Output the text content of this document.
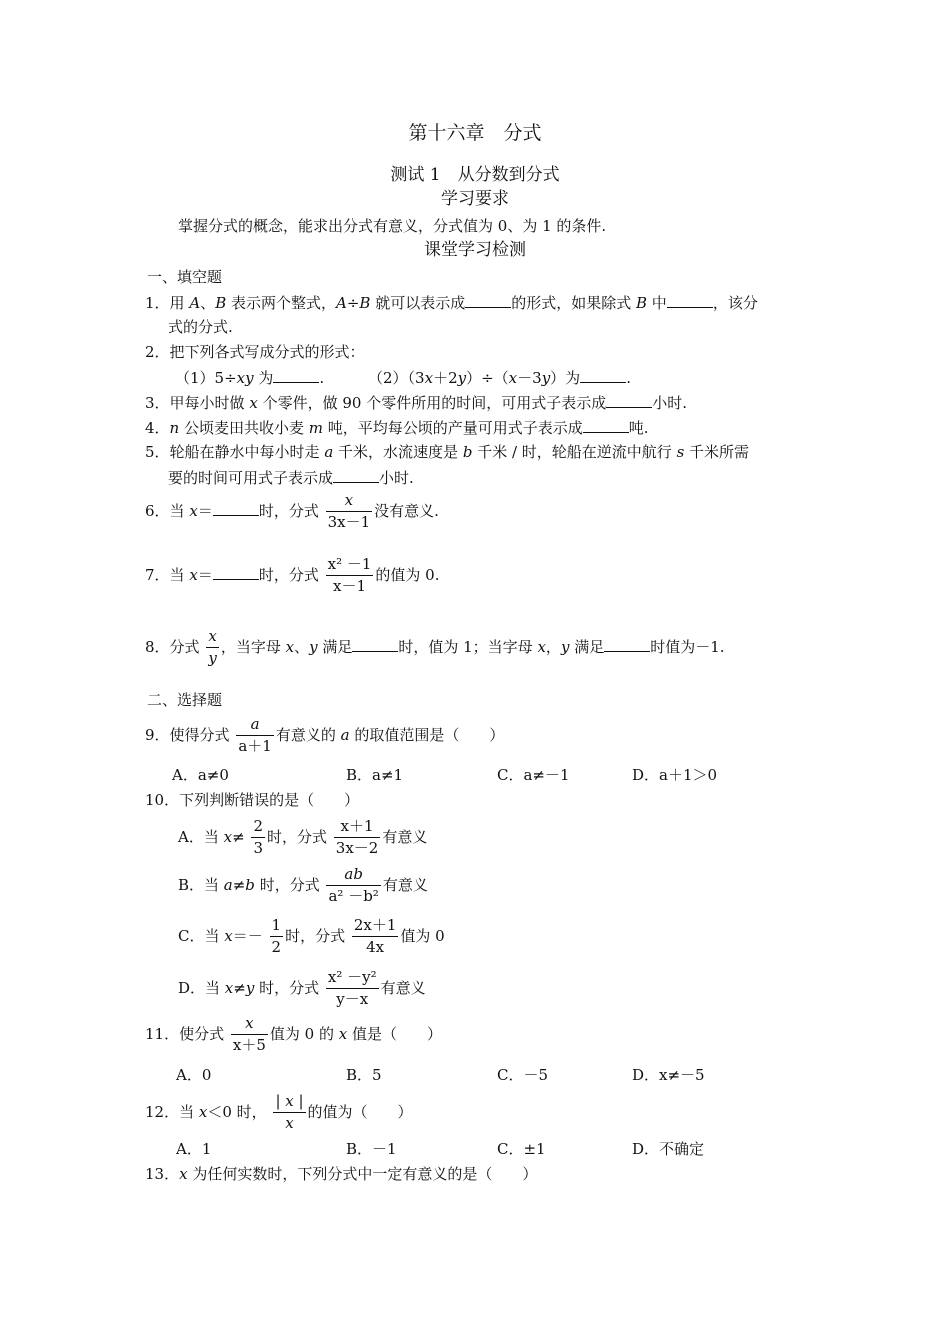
第十六章　分式
测试 1　从分数到分式
学习要求
掌握分式的概念，能求出分式有意义，分式值为 0、为 1 的条件.
课堂学习检测
一、填空题
1．用 A、B 表示两个整式，A÷B 就可以表示成	的形式，如果除式 B 中	，该分
式的分式.
2．把下列各式写成分式的形式：
（1）5÷xy 为	.	（2）（3x＋2y）÷（x－3y）为	.
3．甲每小时做 x 个零件，做 90 个零件所用的时间，可用式子表示成	小时.
4．n 公顷麦田共收小麦 m 吨，平均每公顷的产量可用式子表示成	吨.
5．轮船在静水中每小时走 a 千米，水流速度是 b 千米 / 时，轮船在逆流中航行 s 千米所需
要的时间可用式子表示成	小时.
6．当 x＝	时，分式 $\frac{x}{3x-1}$ 没有意义.
7．当 x＝	时，分式 $\frac{\text{x² －1}}{x-1}$ 的值为 0.
8．分式 $\frac{x}{y}$ ，当字母 x、y 满足	时，值为 1；当字母 x，y 满足	时值为－1.
二、选择题
9．使得分式 $\frac{a}{a+1}$ 有意义的 a 的取值范围是（　　）
A．a≠0	B．a≠1	C．a≠－1	D．a＋1＞0
10．下列判断错误的是（　　）
A．当 $x\ne \frac{2}{3}$ 时，分式 $\frac{x+1}{3x-2}$ 有意义
B．当 a≠b 时，分式 $\frac{ab}{\text{a² －b²}}$ 有意义
C．当 $x=- \frac{1}{2}$ 时，分式 $\frac{2x+1}{4x}$ 值为 0
D．当 x≠y 时，分式 $\frac{\text{x² －y²}}{y-x}$ 有意义
11．使分式 $\frac{x}{x+5}$ 值为 0 的 x 值是（　　）
A．0	B．5	C．－5	D．x≠－5
12．当 x＜0 时， $\frac{| x |}{x}$ 的值为（　　）
A．1	B．－1	C．±1	D．不确定
13．x 为任何实数时，下列分式中一定有意义的是（　　）
